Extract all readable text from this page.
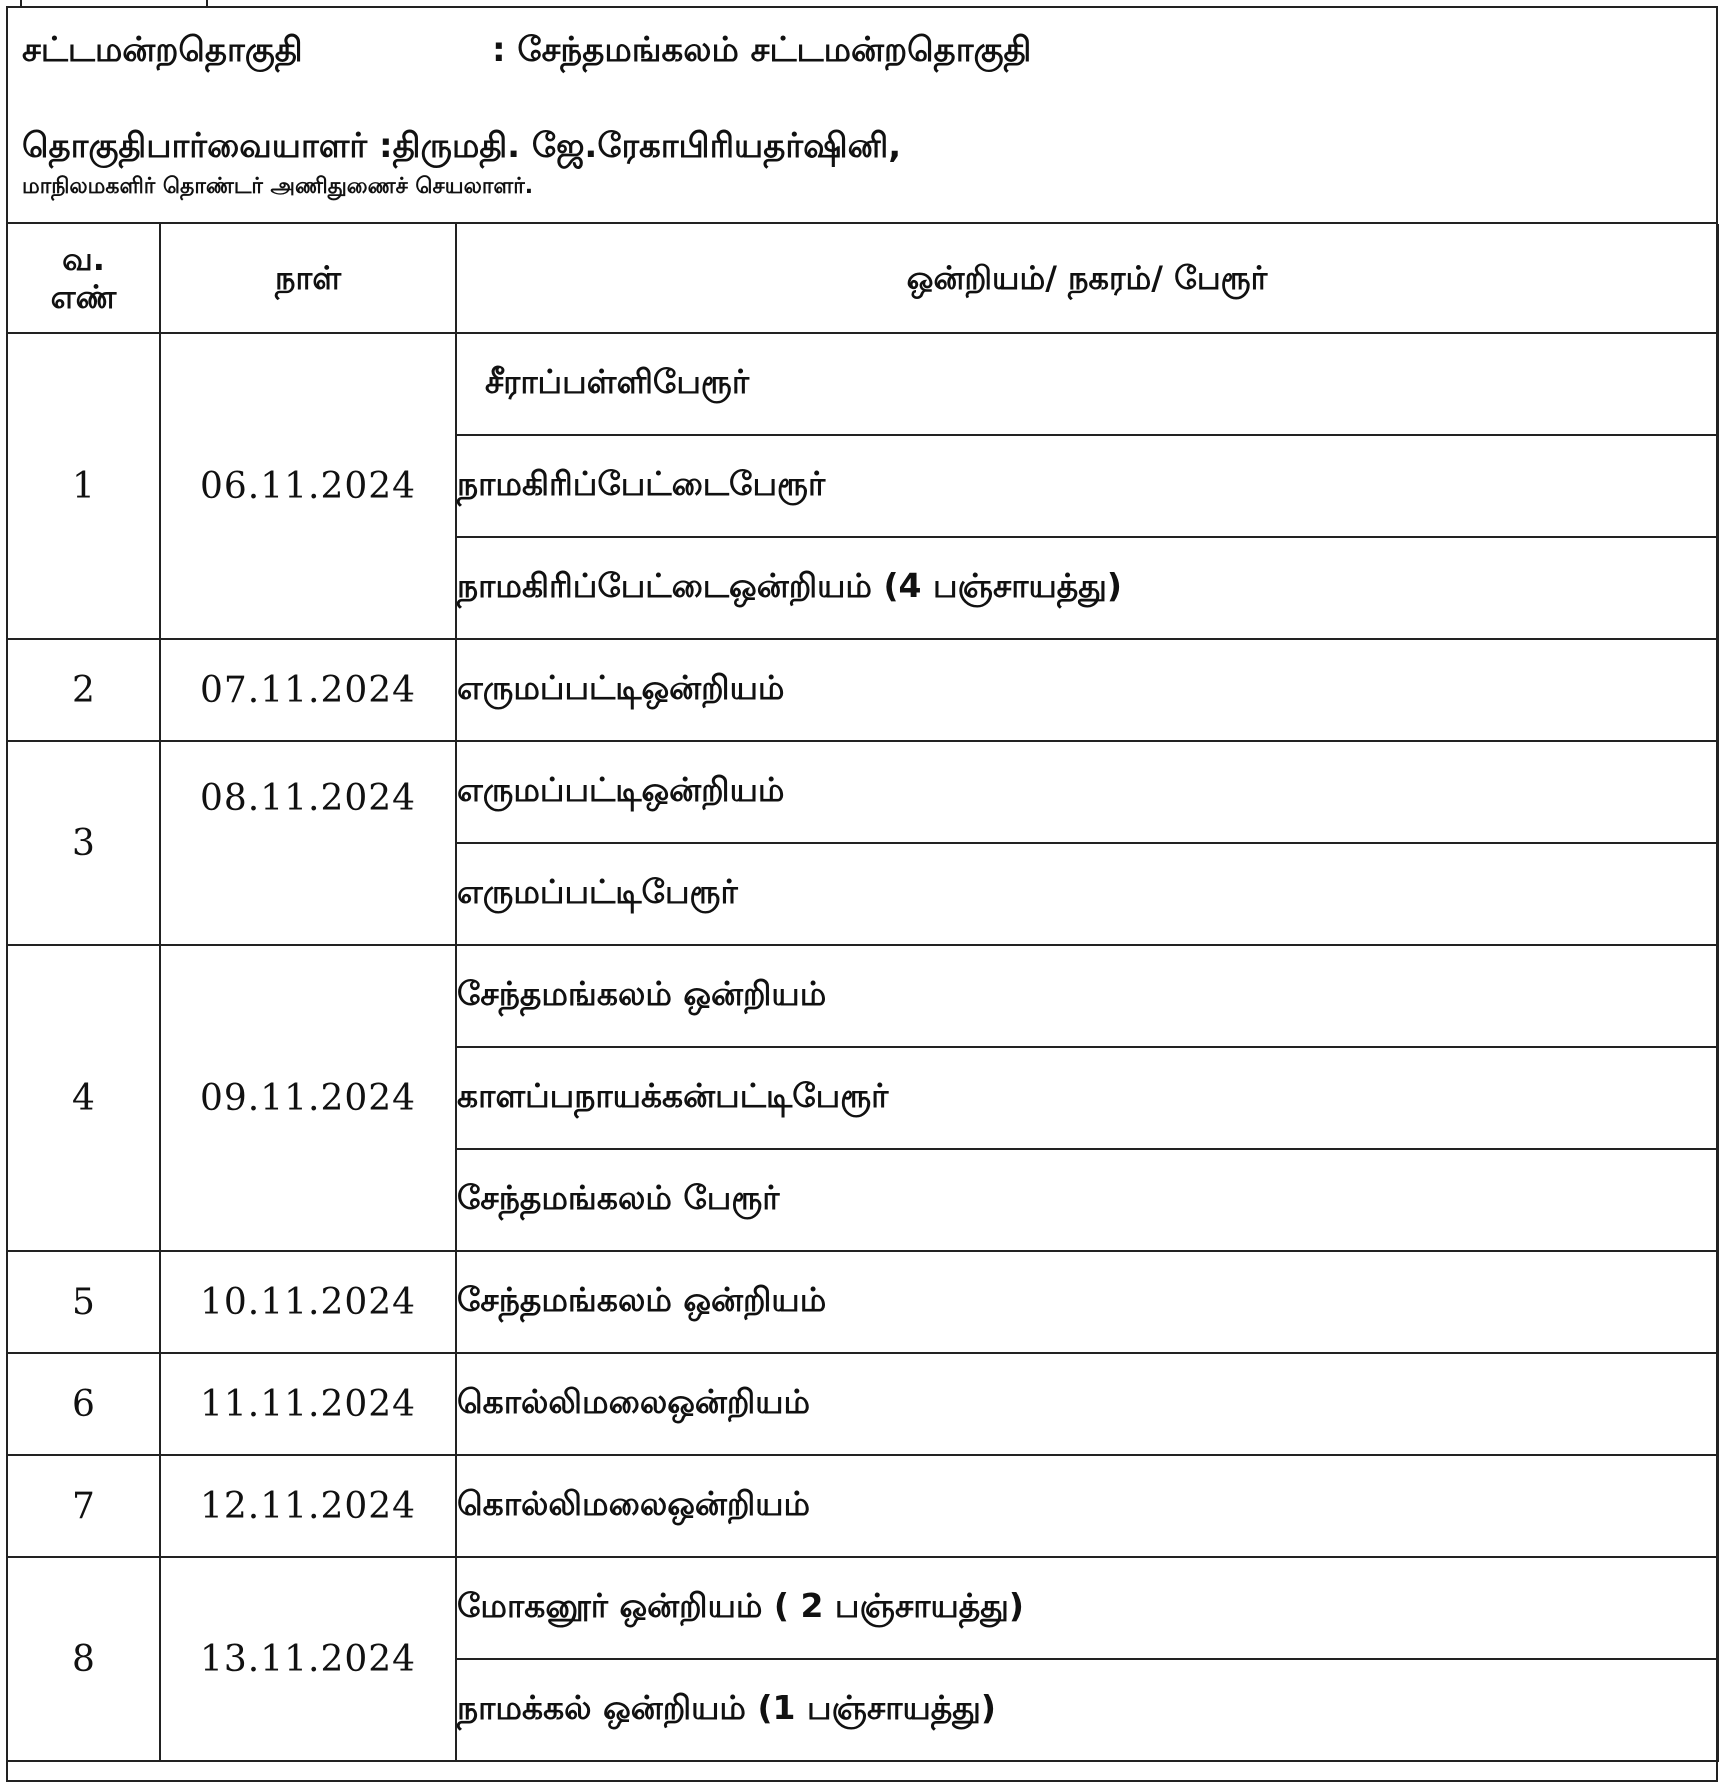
சட்டமன்றதொகுதி	: சேந்தமங்கலம் சட்டமன்றதொகுதி
தொகுதிபார்வையாளர் :திருமதி. ஜே.ரேகாபிரியதர்ஷினி,
மாநிலமகளிர் தொண்டர் அணிதுணைச் செயலாளர்.
வ.
எண்	நாள்	ஒன்றியம்/ நகரம்/ பேரூர்
1	06.11.2024	சீராப்பள்ளிபேரூர்
		நாமகிரிப்பேட்டைபேரூர்
		நாமகிரிப்பேட்டைஒன்றியம் (4 பஞ்சாயத்து)
2	07.11.2024	எருமப்பட்டிஒன்றியம்
3	08.11.2024	எருமப்பட்டிஒன்றியம்
		எருமப்பட்டிபேரூர்
4	09.11.2024	சேந்தமங்கலம் ஒன்றியம்
		காளப்பநாயக்கன்பட்டிபேரூர்
		சேந்தமங்கலம் பேரூர்
5	10.11.2024	சேந்தமங்கலம் ஒன்றியம்
6	11.11.2024	கொல்லிமலைஒன்றியம்
7	12.11.2024	கொல்லிமலைஒன்றியம்
8	13.11.2024	மோகனூர் ஒன்றியம் ( 2 பஞ்சாயத்து)
		நாமக்கல் ஒன்றியம் (1 பஞ்சாயத்து)
